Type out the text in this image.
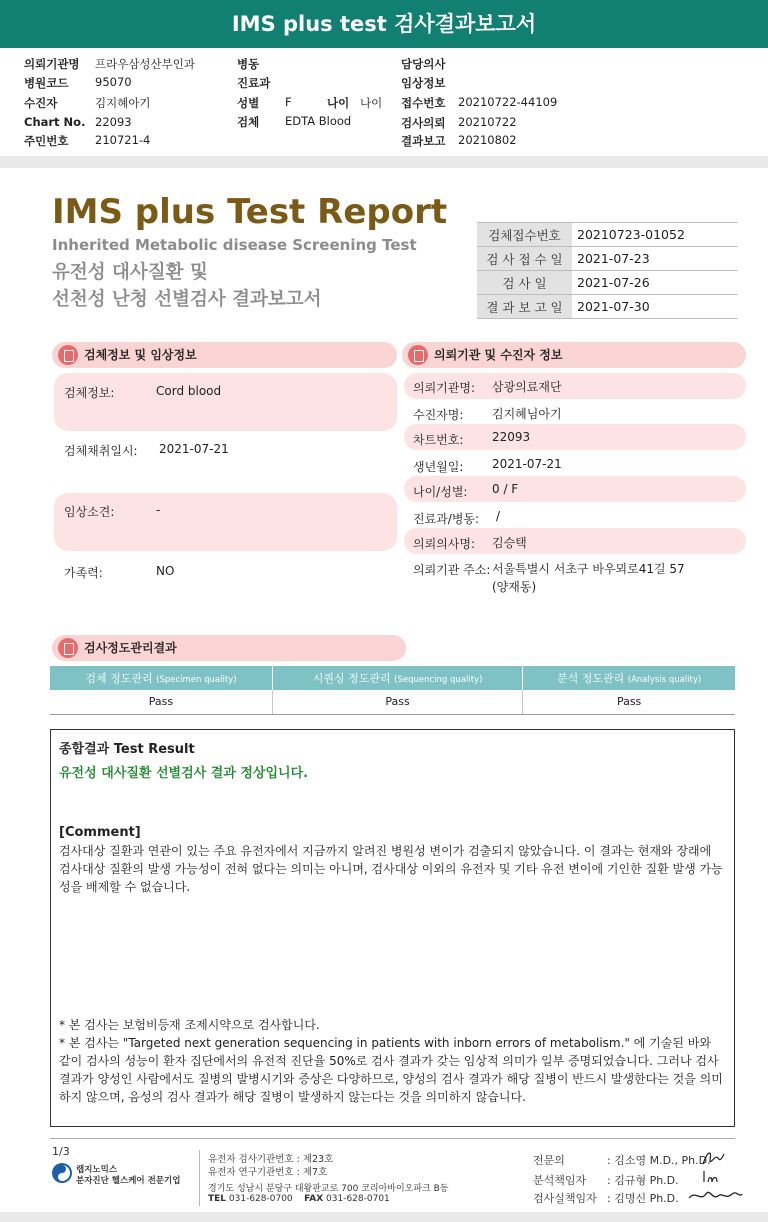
IMS plus test 검사결과보고서
의뢰기관명 프라우삼성산부인과
병원코드 95070
수진자	김지혜아기
Chart No. 22093
주민번호 210721-4
병동
진료과
성별 F	나이 나이
검체 EDTA Blood
담당의사
임상정보
접수번호 20210722-44109
검사의뢰 20210722
결과보고 20210802
IMS plus Test Report
Inherited Metabolic disease Screening Test
유전성 대사질환 및
선천성 난청 선별검사 결과보고서
검체접수번호	20210723-01052
검 사 접 수 일	2021-07-23
검 사 일	2021-07-26
결 과 보 고 일	2021-07-30
검체정보 및 임상정보
검체정보:	Cord blood
검체채취일시: 2021-07-21
임상소견:	-
가족력:	NO
의뢰기관 및 수진자 정보
의뢰기관명: 삼광의료재단
수진자명: 김지혜님아기
차트번호: 22093
생년월일: 2021-07-21
나이/성별: 0 / F
진료과/병동: /
의뢰의사명: 김승택
의뢰기관 주소: 서울특별시 서초구 바우뫼로41길 57
(양재동)
검사정도관리결과
검체 정도관리 (Specimen quality)	시퀀싱 정도관리 (Sequencing quality)	분석 정도관리 (Analysis quality)
Pass	Pass	Pass
종합결과 Test Result
유전성 대사질환 선별검사 결과 정상입니다.
[Comment]
검사대상 질환과 연관이 있는 주요 유전자에서 지금까지 알려진 병원성 변이가 검출되지 않았습니다. 이 결과는 현재와 장래에 검사대상 질환의 발생 가능성이 전혀 없다는 의미는 아니며, 검사대상 이외의 유전자 및 기타 유전 변이에 기인한 질환 발생 가능성을 배제할 수 없습니다.
* 본 검사는 보험비등재 조제시약으로 검사합니다.
* 본 검사는 "Targeted next generation sequencing in patients with inborn errors of metabolism." 에 기술된 바와 같이 검사의 성능이 환자 집단에서의 유전적 진단율 50%로 검사 결과가 갖는 임상적 의미가 일부 증명되었습니다. 그러나 검사 결과가 양성인 사람에서도 질병의 발병시기와 증상은 다양하므로, 양성의 검사 결과가 해당 질병이 반드시 발생한다는 것을 의미하지 않으며, 음성의 검사 결과가 해당 질병이 발생하지 않는다는 것을 의미하지 않습니다.
1/3
랩지노믹스
분자진단 헬스케어 전문기업
유전자 검사기관번호 : 제23호
유전자 연구기관번호 : 제7호
경기도 성남시 분당구 대왕판교로 700 코리아바이오파크 B동
TEL 031-628-0700 FAX 031-628-0701
전문의	: 김소영 M.D., Ph.D.
분석책임자 : 김규형 Ph.D.
검사실책임자 : 김명신 Ph.D.
